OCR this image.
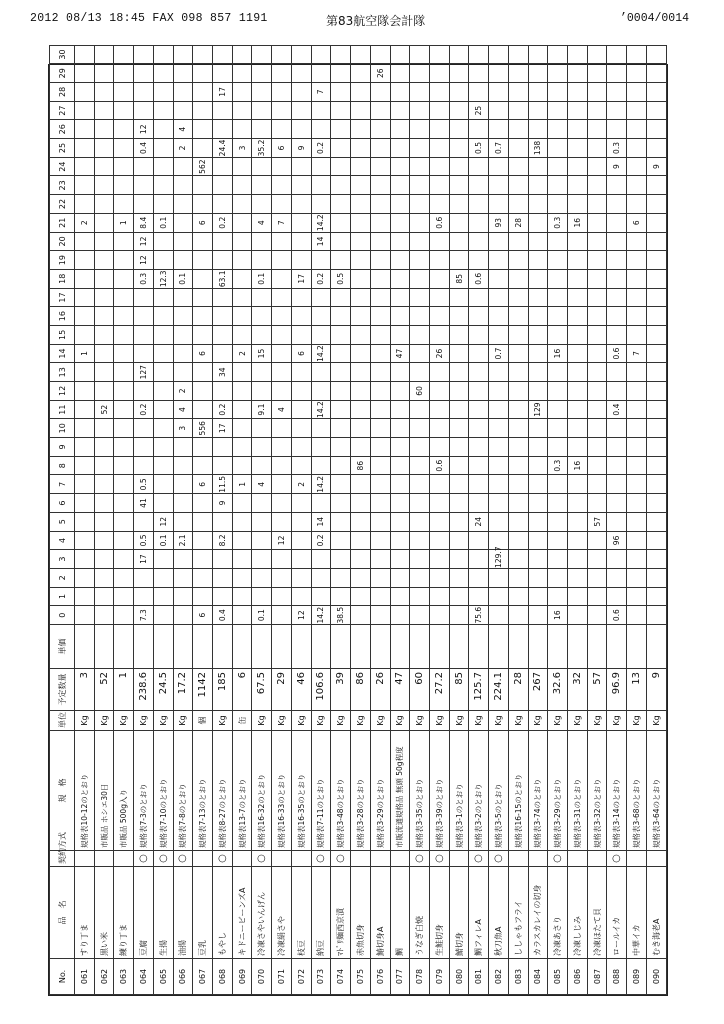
2012 08/13 18:45 FAX 098 857 1191	第83航空隊会計隊	’0004/0014
No.	品　名	契約方式	規　格	単位	予定数量	単価	0	1	2	3	4	5	6	7	8	9	10	11	12	13	14	15	16	17	18	19	20	21	22	23	24	25	26	27	28	29	30
061	すり丁ま		規格表10-12のとおり	Kg	3																1							2									
062	黒い米		市販品 ホシエ30日	Kg	52													52																			
063	練り丁ま		市販品 500g入り	Kg	1																							1									
064	豆腐	○	規格表7-3のとおり	Kg	238.6		7.3			17	0.5		41	0.5				0.2		127					0.3	12	12	8.4				0.4	12				
065	生揚	○	規格表7-10のとおり	Kg	24.5						0.1	12													12.3			0.1									
066	油揚	○	規格表7-8のとおり	Kg	17.2						2.1						3	4	2						0.1							2	4				
067	豆乳		規格表7-13のとおり	個	1142		6							6			556				6							6			562						
068	もやし	○	規格表8-27のとおり	Kg	185		0.4				8.2		9	11.5			17	0.2		34					63.1			0.2				24.4			17		
069	キドニービーンズA		規格表13-7のとおり	缶	6									1							2											3					
070	冷凍さやいんげん	○	規格表16-32のとおり	Kg	67.5		0.1							4				9.1			15				0.1			4				35.2					
071	冷凍絹さや		規格表16-33のとおり	Kg	29						12							4										7				6					
072	枝豆		規格表16-35のとおり	Kg	46		12							2							6				17							9					
073	納豆	○	規格表7-11のとおり	Kg	106.6		14.2				0.2	14		14.2				14.2			14.2				0.2		14	14.2				0.2			7		
074	ﾏﾄﾞﾘ麺西京漬	○	規格表3-48のとおり	Kg	39		38.5																		0.5												
075	赤魚切身		規格表3-28のとおり	Kg	86										86																						
076	鰆切身A		規格表3-29のとおり	Kg	26																															26	
077	鯛		市販流通規格品 無頭 50g程度	Kg	47																47																
078	うなぎ白焼	○	規格表3-35のとおり	Kg	60														60																		
079	生鮭切身	○	規格表3-39のとおり	Kg	27.2										0.6						26							0.6									
080	鯖切身		規格表3-1のとおり	Kg	85																				85												
081	鯛フィレA	○	規格表3-2のとおり	Kg	125.7		75.6					24													0.6							0.5		25			
082	秋刀魚A	○	規格表3-5のとおり	Kg	224.1					129.7											0.7							93				0.7					
083	ししゃもフライ		規格表16-15のとおり	Kg	28																							28									
084	カラスカレイの切身		規格表3-74のとおり	Kg	267													129														138					
085	冷凍あさり	○	規格表3-29のとおり	Kg	32.6		16								0.3						16							0.3									
086	冷凍しじみ		規格表3-31のとおり	Kg	32										16													16									
087	冷凍ほたて貝		規格表3-32のとおり	Kg	57							57																									
088	ロールイカ	○	規格表3-14のとおり	Kg	96.9		0.6				96							0.4			0.6										9	0.3					
089	中華イカ		規格表3-68のとおり	Kg	13																7							6									
090	むき海老A		規格表3-64のとおり	Kg	9																										9						
